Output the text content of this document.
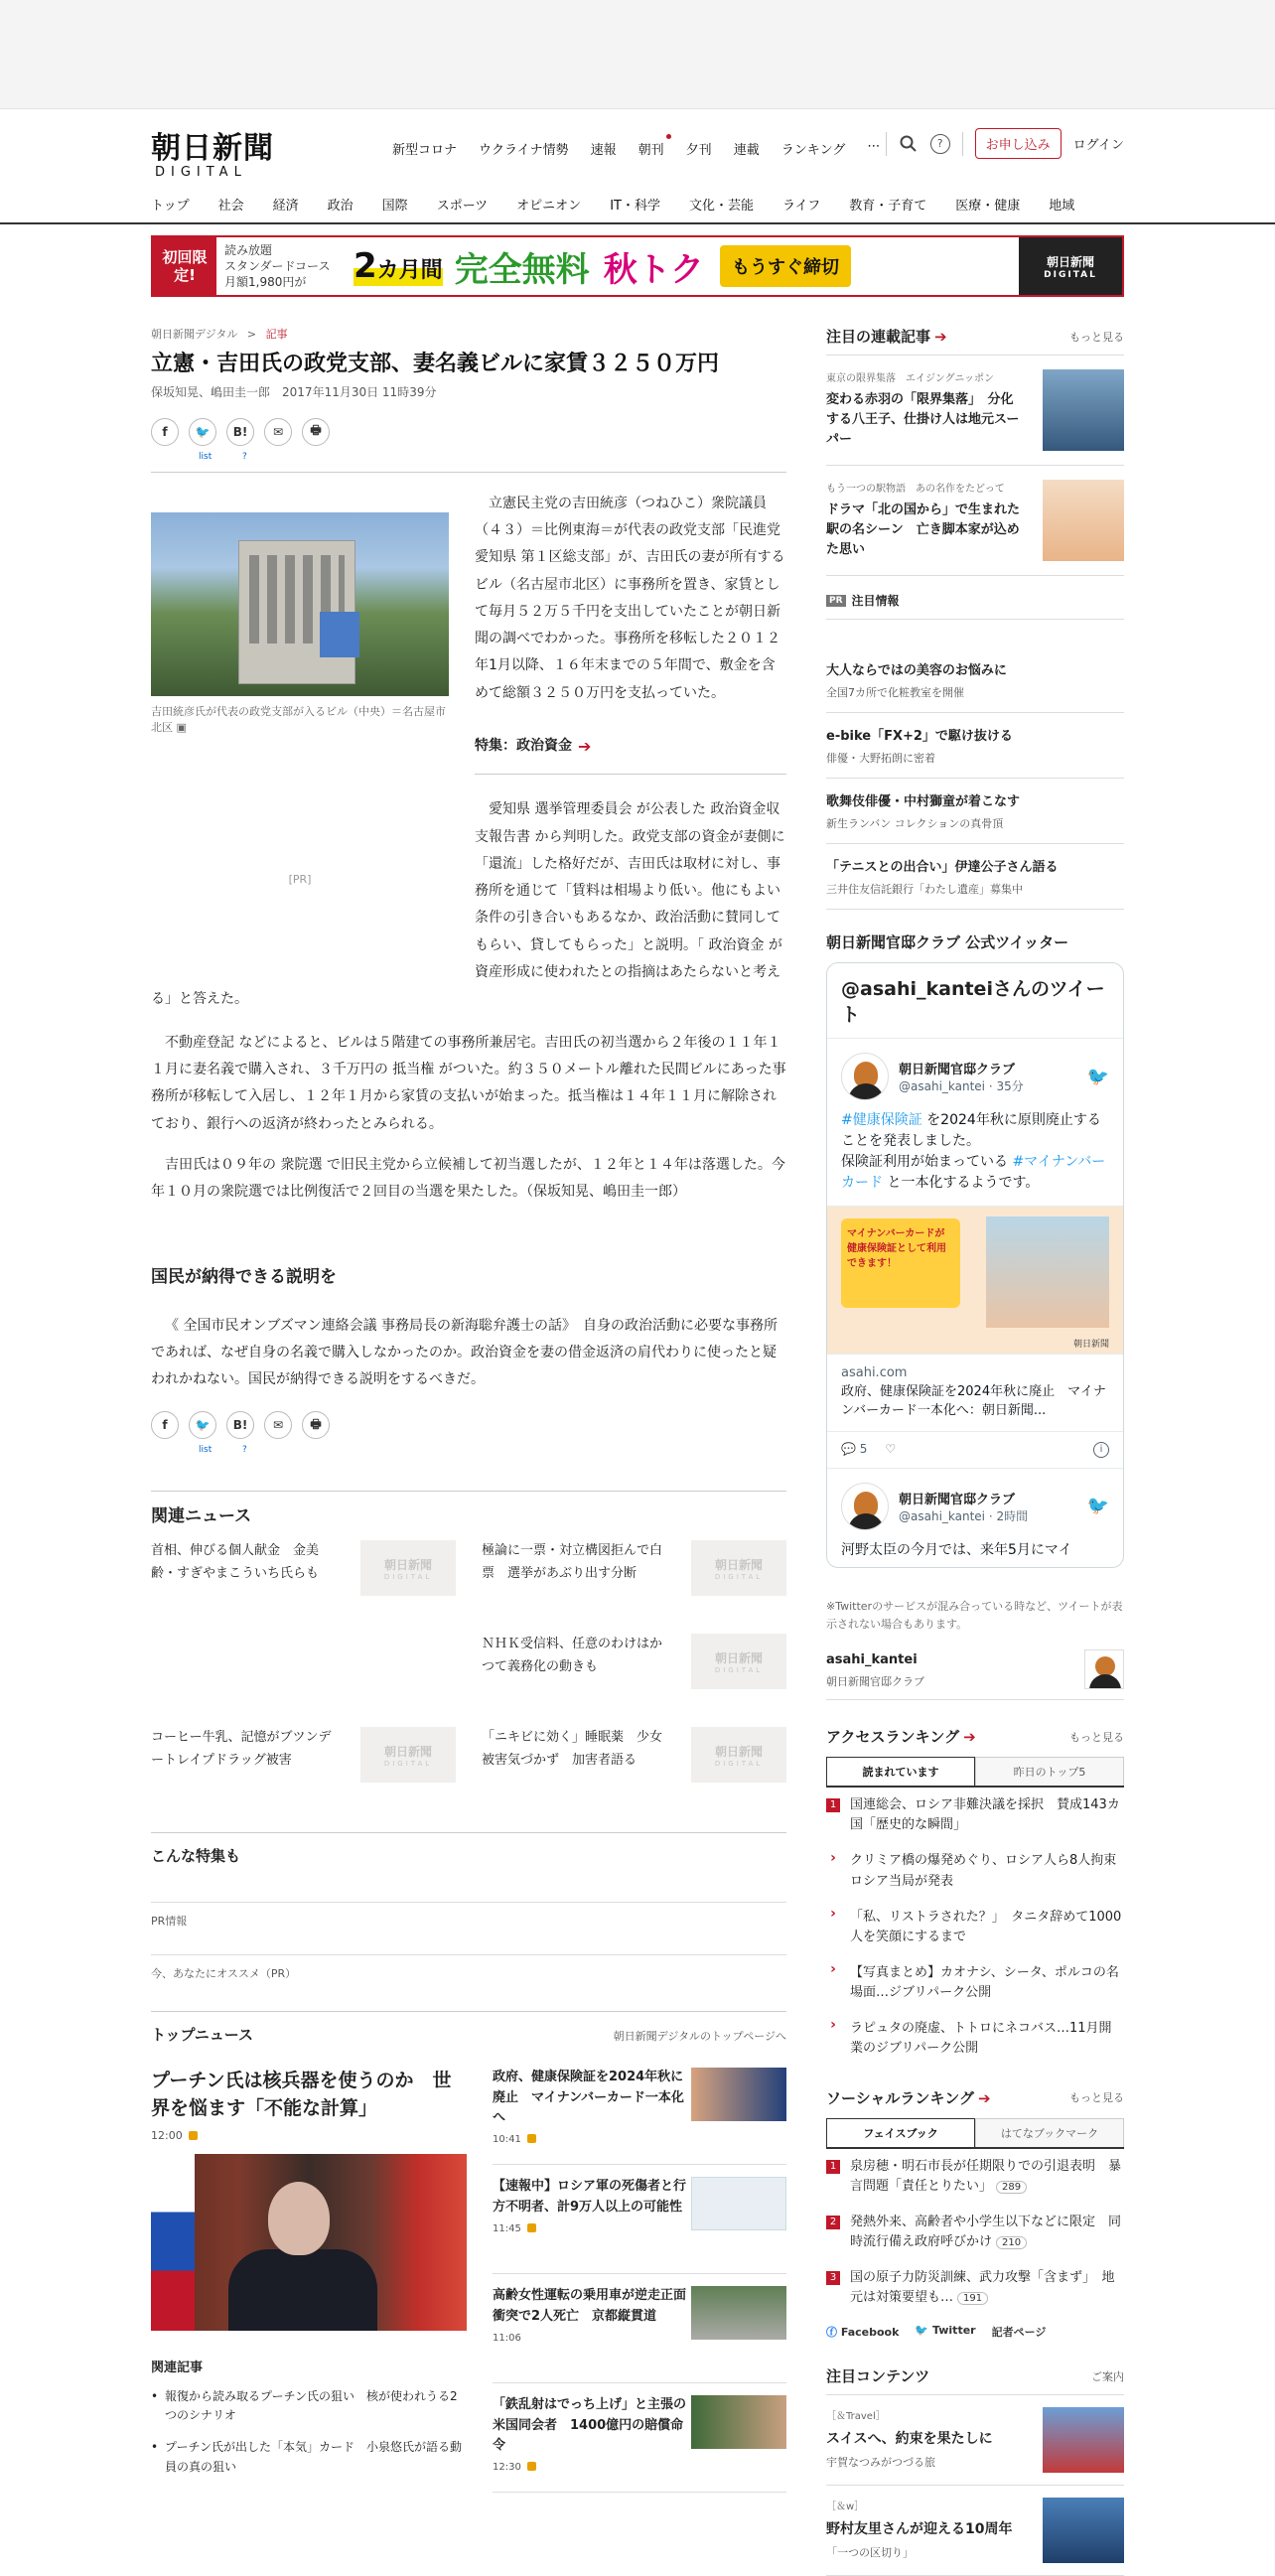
朝日新聞
DIGITAL
新型コロナ ウクライナ情勢 速報 朝刊 夕刊 連載 ランキング ⋯	?	お申し込み	ログイン
トップ 社会 経済 政治 国際 スポーツ オピニオン IT・科学 文化・芸能 ライフ 教育・子育て 医療・健康 地域
初回限定!
読み放題
スタンダードコース
月額1,980円が	2カ月間 完全無料 秋トク	もうすぐ締切	朝日新聞
DIGITAL
朝日新聞デジタル > 記事
立憲・吉田氏の政党支部、妻名義ビルに家賃３２５０万円
保坂知晃、嶋田圭一郎　 2017年11月30日 11時39分
f	🐦	B!	✉	🖶
list	?
吉田統彦氏が代表の政党支部が入るビル（中央）＝名古屋市北区 ▣

立憲民主党の吉田統彦（つねひこ）衆院議員（４３）＝比例東海＝が代表の政党支部「民進党 愛知県 第１区総支部」が、吉田氏の妻が所有するビル（名古屋市北区）に事務所を置き、家賃として毎月５２万５千円を支出していたことが朝日新聞の調べでわかった。事務所を移転した２０１２年1月以降、１６年末までの５年間で、敷金を含めて総額３２５０万円を支払っていた。

特集：政治資金 ➔
[PR]

愛知県 選挙管理委員会 が公表した 政治資金収支報告書 から判明した。政党支部の資金が妻側に「還流」した格好だが、吉田氏は取材に対し、事務所を通じて「賃料は相場より低い。他にもよい条件の引き合いもあるなか、政治活動に賛同してもらい、貸してもらった」と説明。「 政治資金 が資産形成に使われたとの指摘はあたらないと考える」と答えた。

不動産登記 などによると、ビルは５階建ての事務所兼居宅。吉田氏の初当選から２年後の１１年１１月に妻名義で購入され、３千万円の 抵当権 がついた。約３５０メートル離れた民間ビルにあった事務所が移転して入居し、１２年１月から家賃の支払いが始まった。抵当権は１４年１１月に解除されており、銀行への返済が終わったとみられる。

吉田氏は０９年の 衆院選 で旧民主党から立候補して初当選したが、１２年と１４年は落選した。今年１０月の衆院選では比例復活で２回目の当選を果たした。（保坂知晃、嶋田圭一郎）

国民が納得できる説明を

《 全国市民オンブズマン連絡会議 事務局長の新海聡弁護士の話》　自身の政治活動に必要な事務所であれば、なぜ自身の名義で購入しなかったのか。政治資金を妻の借金返済の肩代わりに使ったと疑われかねない。国民が納得できる説明をするべきだ。

f	🐦	B!	✉	🖶
list	?
関連ニュース
首相、伸びる個人献金　金美齢・すぎやまこういち氏らも
朝日新聞
DIGITAL
極論に一票・対立構図拒んで白票　選挙があぶり出す分断
朝日新聞
DIGITAL
ＮＨＫ受信料、任意のわけはかつて義務化の動きも
朝日新聞
DIGITAL
コーヒー牛乳、記憶がブツンデートレイプドラッグ被害
朝日新聞
DIGITAL
「ニキビに効く」睡眠薬　少女被害気づかず　加害者語る
朝日新聞
DIGITAL
こんな特集も
PR情報
今、あなたにオススメ（PR）
トップニュース	朝日新聞デジタルのトップページへ
プーチン氏は核兵器を使うのか　世界を悩ます「不能な計算」
12:00
関連記事
• 報復から読み取るプーチン氏の狙い　核が使われうる2つのシナリオ
• プーチン氏が出した「本気」カード　小泉悠氏が語る動員の真の狙い
政府、健康保険証を2024年秋に廃止　マイナンバーカード一本化へ
10:41
【速報中】ロシア軍の死傷者と行方不明者、計9万人以上の可能性
11:45
高齢女性運転の乗用車が逆走正面衝突で2人死亡　京都縦貫道
11:06
「鉄乱射はでっち上げ」と主張の米国同会者　1400億円の賠償命令
12:30
注目の連載記事 ➔	もっと見る
東京の限界集落　エイジングニッポン
変わる赤羽の「限界集落」　分化する八王子、仕掛け人は地元スーパー
もう一つの駅物語　あの名作をたどって
ドラマ「北の国から」で生まれた駅の名シーン　亡き脚本家が込めた思い
PR 注目情報
大人ならではの美容のお悩みに
全国7カ所で化粧教室を開催
e-bike「FX+2」で駆け抜ける
俳優・大野拓朗に密着
歌舞伎俳優・中村獅童が着こなす
新生ランバン コレクションの真骨頂
「テニスとの出合い」伊達公子さん語る
三井住友信託銀行「わたし遺産」募集中
朝日新聞官邸クラブ 公式ツイッター
@asahi_kanteiさんのツイート
朝日新聞官邸クラブ
@asahi_kantei · 35分	🐦
#健康保険証 を2024年秋に原則廃止することを発表しました。
保険証利用が始まっている #マイナンバーカード と一本化するようです。
マイナンバーカードが健康保険証として利用できます！
朝日新聞
asahi.com
政府、健康保険証を2024年秋に廃止　マイナンバーカード一本化へ：朝日新聞...
💬 5 ♡	i
朝日新聞官邸クラブ
@asahi_kantei · 2時間	🐦
河野太臣の今月では、来年5月にマイ
※Twitterのサービスが混み合っている時など、ツイートが表示されない場合もあります。
asahi_kantei
朝日新聞官邸クラブ
アクセスランキング ➔	もっと見る
読まれています	昨日のトップ5
1 国連総会、ロシア非難決議を採択　賛成143カ国「歴史的な瞬間」
›	クリミア橋の爆発めぐり、ロシア人ら8人拘束　ロシア当局が発表
›	「私、リストラされた？」　タニタ辞めて1000人を笑顔にするまで
›	【写真まとめ】カオナシ、シータ、ポルコの名場面…ジブリパーク公開
›	ラピュタの廃虚、トトロにネコバス…11月開業のジブリパーク公開
ソーシャルランキング ➔	もっと見る
フェイスブック	はてなブックマーク
1 泉房穂・明石市長が任期限りでの引退表明　暴言問題「責任とりたい」 289
2 発熱外来、高齢者や小学生以下などに限定　同時流行備え政府呼びかけ 210
3 国の原子力防災訓練、武力攻撃「含まず」　地元は対策要望も… 191
ⓕ Facebook 🐦 Twitter 記者ページ
注目コンテンツ	ご案内
［＆Travel］
スイスへ、約束を果たしに
宇賀なつみがつづる旅
［＆w］
野村友里さんが迎える10周年
「一つの区切り」
